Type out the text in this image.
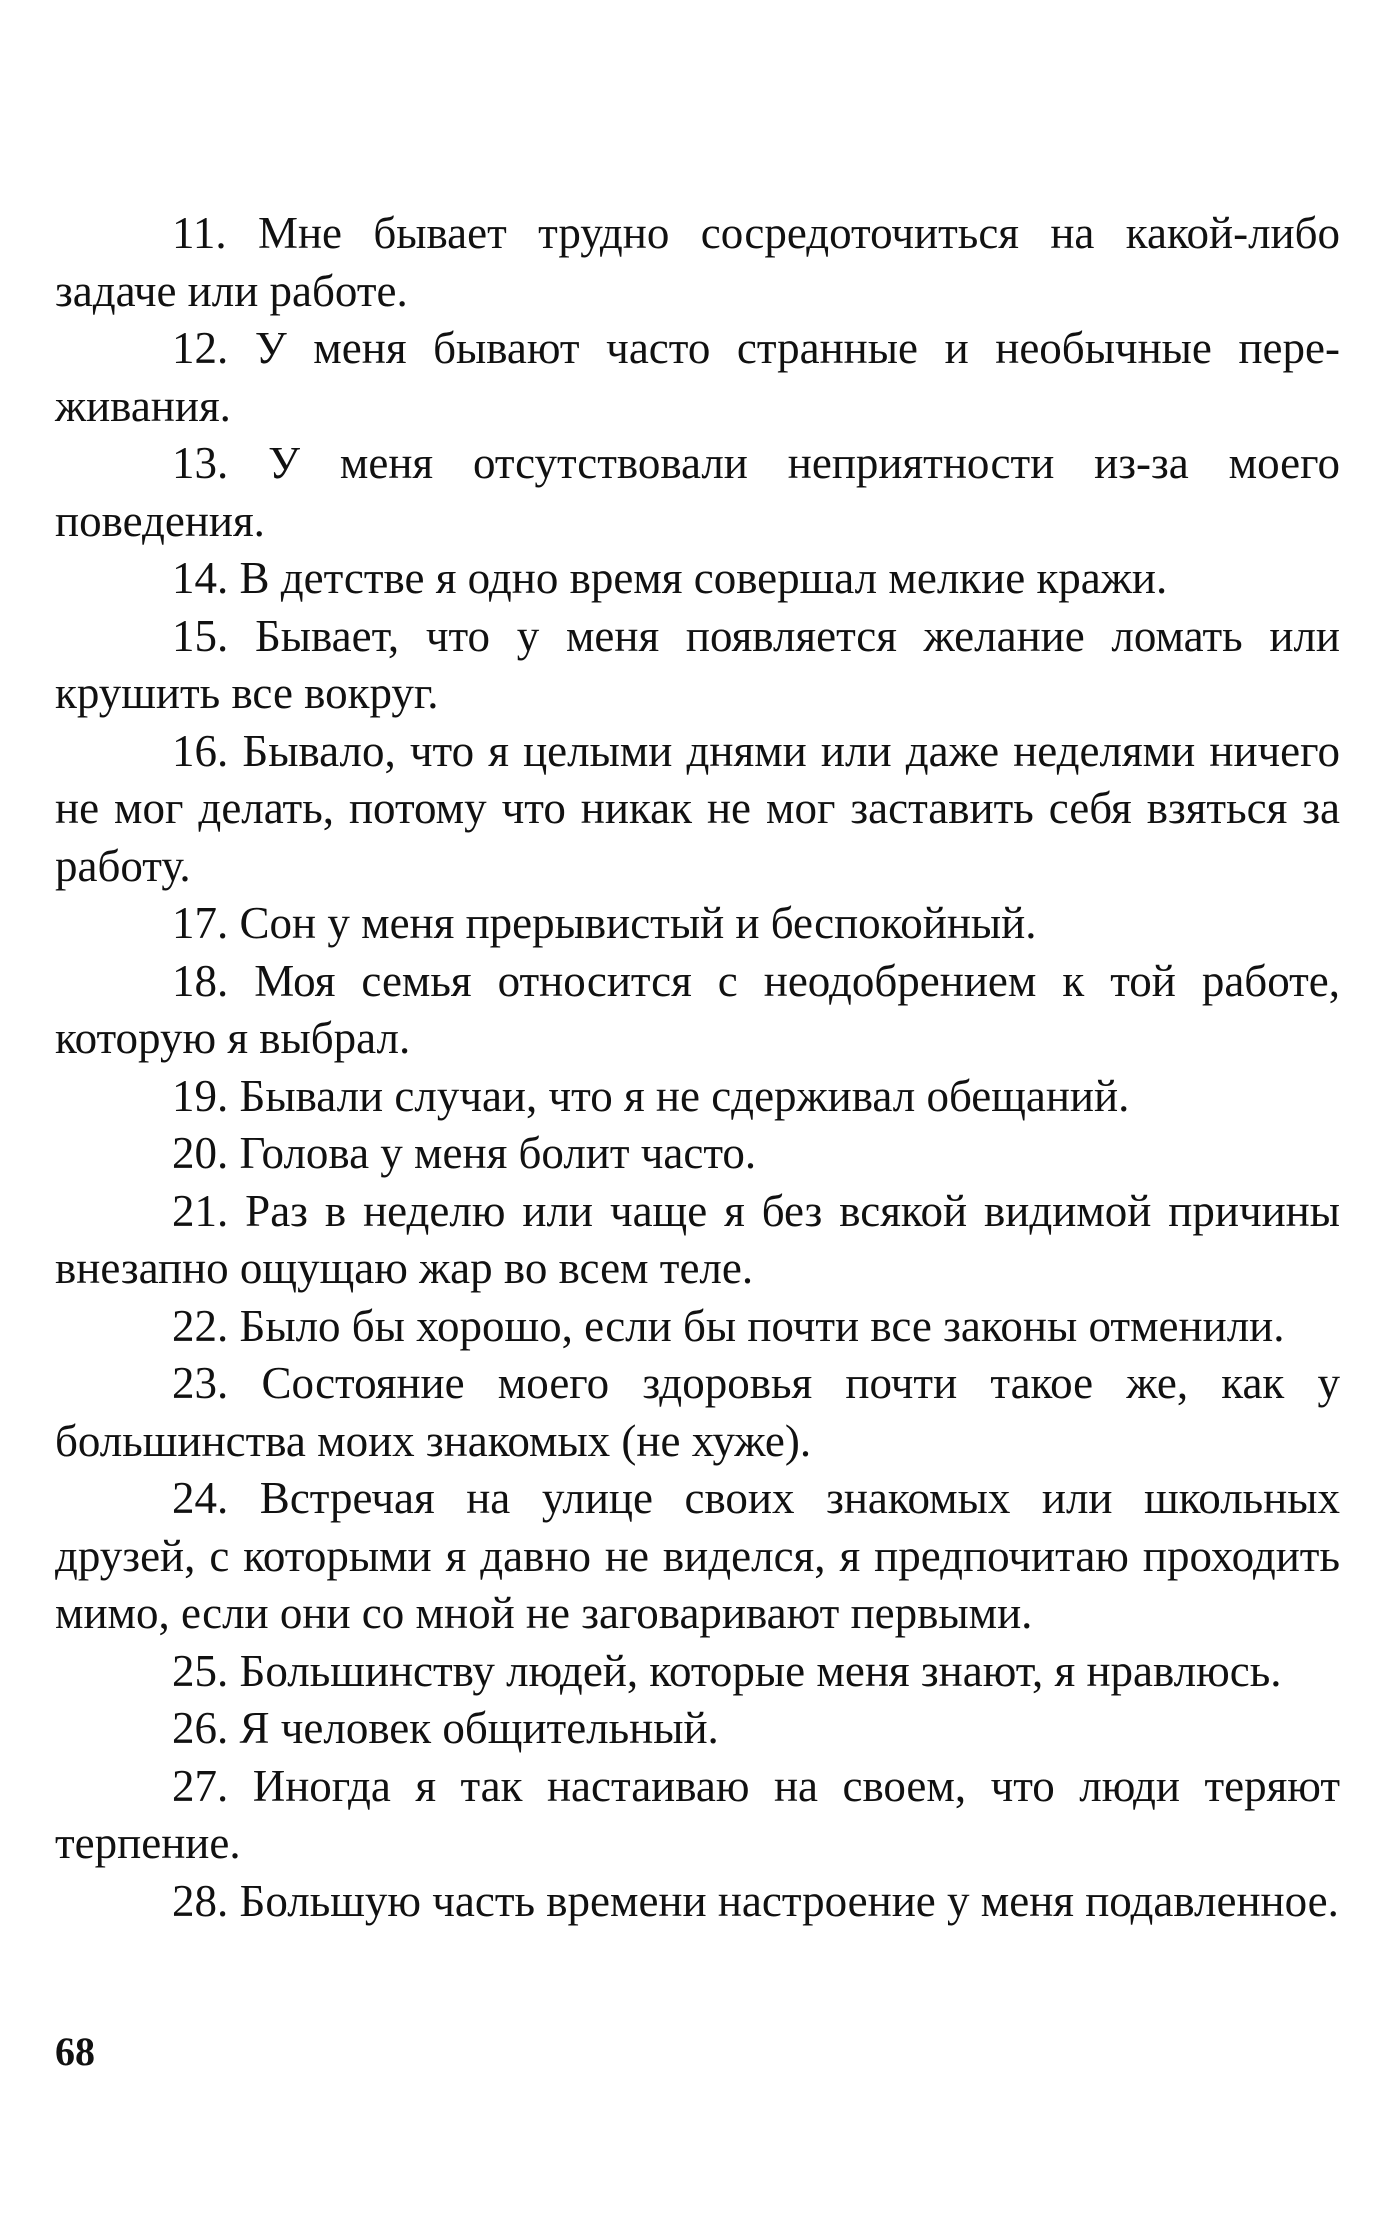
11. Мне бывает трудно сосредоточиться на какой-либо задаче или работе.

12. У меня бывают часто странные и необычные переживания.

13. У меня отсутствовали неприятности из-за моего поведения.

14. В детстве я одно время совершал мелкие кражи.

15. Бывает, что у меня появляется желание ломать или крушить все вокруг.

16. Бывало, что я целыми днями или даже неделями ничего не мог делать, потому что никак не мог заставить себя взяться за работу.

17. Сон у меня прерывистый и беспокойный.

18. Моя семья относится с неодобрением к той работе, которую я выбрал.

19. Бывали случаи, что я не сдерживал обещаний.

20. Голова у меня болит часто.

21. Раз в неделю или чаще я без всякой видимой причины внезапно ощущаю жар во всем теле.

22. Было бы хорошо, если бы почти все законы отменили.

23. Состояние моего здоровья почти такое же, как у большинства моих знакомых (не хуже).

24. Встречая на улице своих знакомых или школьных друзей, с которыми я давно не виделся, я предпочитаю проходить мимо, если они со мной не заговаривают первыми.

25. Большинству людей, которые меня знают, я нравлюсь.

26. Я человек общительный.

27. Иногда я так настаиваю на своем, что люди теряют терпение.

28. Большую часть времени настроение у меня подавленное.

68
